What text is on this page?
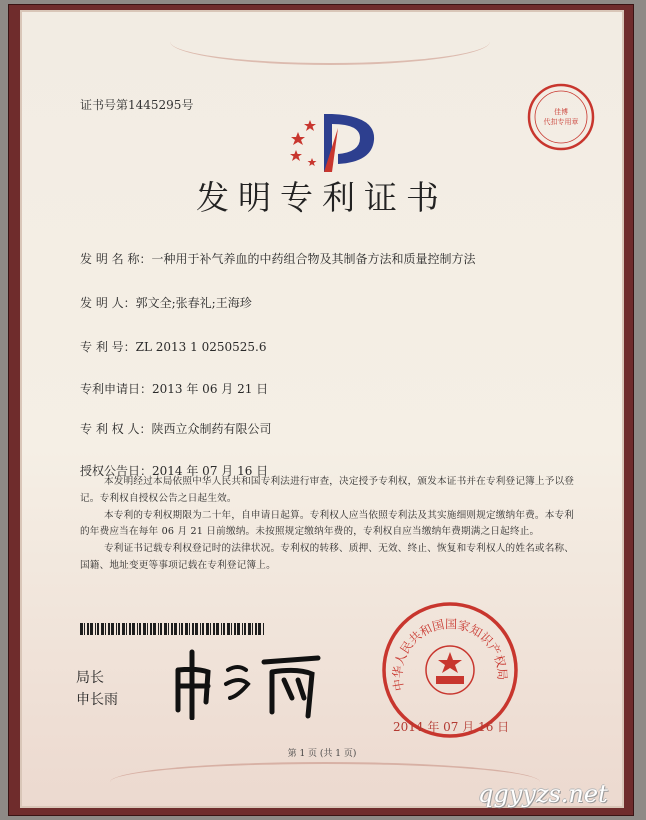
证书号第1445295号	佳博
代扣专用章
发明专利证书
发 明 名 称：一种用于补气养血的中药组合物及其制备方法和质量控制方法
发 明 人：郭文全;张春礼;王海珍
专 利 号：ZL 2013 1 0250525.6
专利申请日：2013 年 06 月 21 日
专 利 权 人：陕西立众制药有限公司
授权公告日：2014 年 07 月 16 日

本发明经过本局依照中华人民共和国专利法进行审查，决定授予专利权，颁发本证书并在专利登记簿上予以登记。专利权自授权公告之日起生效。

本专利的专利权期限为二十年，自申请日起算。专利权人应当依照专利法及其实施细则规定缴纳年费。本专利的年费应当在每年 06 月 21 日前缴纳。未按照规定缴纳年费的，专利权自应当缴纳年费期满之日起终止。

专利证书记载专利权登记时的法律状况。专利权的转移、质押、无效、终止、恢复和专利权人的姓名或名称、国籍、地址变更等事项记载在专利登记簿上。

局长
申长雨
中华人民共和国国家知识产权局
2014 年 07 月 16 日
第 1 页 (共 1 页)
qgyyzs.net
